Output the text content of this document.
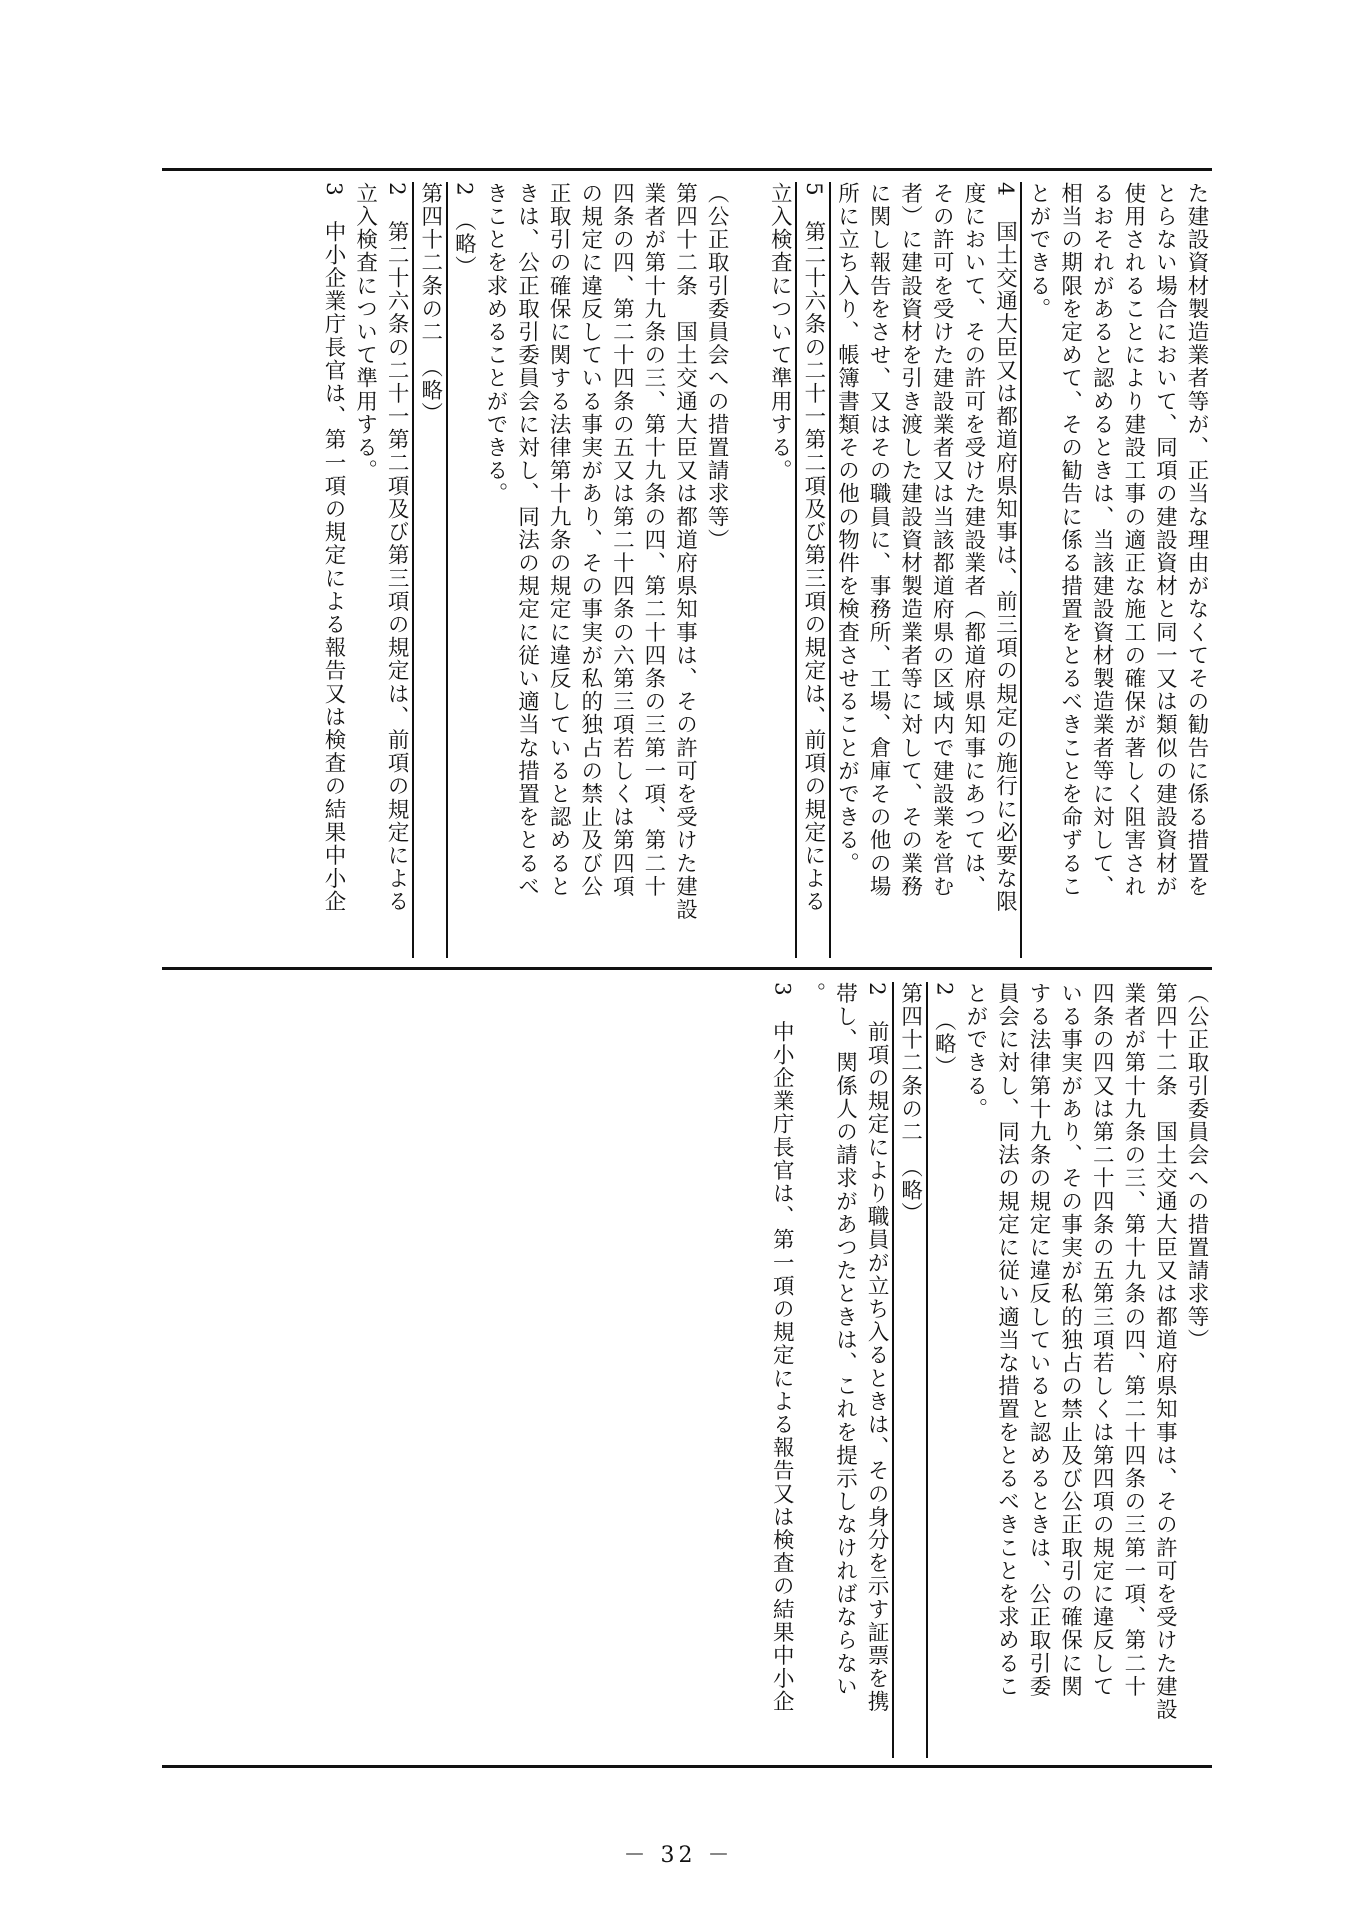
た建設資材製造業者等が、正当な理由がなくてその勧告に係る措置を

とらない場合において、同項の建設資材と同一又は類似の建設資材が

使用されることにより建設工事の適正な施工の確保が著しく阻害され

るおそれがあると認めるときは、当該建設資材製造業者等に対して、

相当の期限を定めて、その勧告に係る措置をとるべきことを命ずるこ

とができる。

4　国土交通大臣又は都道府県知事は、前三項の規定の施行に必要な限

度において、その許可を受けた建設業者（都道府県知事にあつては、

その許可を受けた建設業者又は当該都道府県の区域内で建設業を営む

者）に建設資材を引き渡した建設資材製造業者等に対して、その業務

に関し報告をさせ、又はその職員に、事務所、工場、倉庫その他の場

所に立ち入り、帳簿書類その他の物件を検査させることができる。

5　第二十六条の二十一第二項及び第三項の規定は、前項の規定による

立入検査について準用する。

（公正取引委員会への措置請求等）

第四十二条　国土交通大臣又は都道府県知事は、その許可を受けた建設

業者が第十九条の三、第十九条の四、第二十四条の三第一項、第二十

四条の四、第二十四条の五又は第二十四条の六第三項若しくは第四項

の規定に違反している事実があり、その事実が私的独占の禁止及び公

正取引の確保に関する法律第十九条の規定に違反していると認めると

きは、公正取引委員会に対し、同法の規定に従い適当な措置をとるべ

きことを求めることができる。

2　（略）

第四十二条の二　（略）

2　第二十六条の二十一第二項及び第三項の規定は、前項の規定による

立入検査について準用する。

3　中小企業庁長官は、第一項の規定による報告又は検査の結果中小企

（公正取引委員会への措置請求等）

第四十二条　国土交通大臣又は都道府県知事は、その許可を受けた建設

業者が第十九条の三、第十九条の四、第二十四条の三第一項、第二十

四条の四又は第二十四条の五第三項若しくは第四項の規定に違反して

いる事実があり、その事実が私的独占の禁止及び公正取引の確保に関

する法律第十九条の規定に違反していると認めるときは、公正取引委

員会に対し、同法の規定に従い適当な措置をとるべきことを求めるこ

とができる。

2　（略）

第四十二条の二　（略）

2　前項の規定により職員が立ち入るときは、その身分を示す証票を携

帯し、関係人の請求があつたときは、これを提示しなければならない

。

3　中小企業庁長官は、第一項の規定による報告又は検査の結果中小企

－ 32 －
